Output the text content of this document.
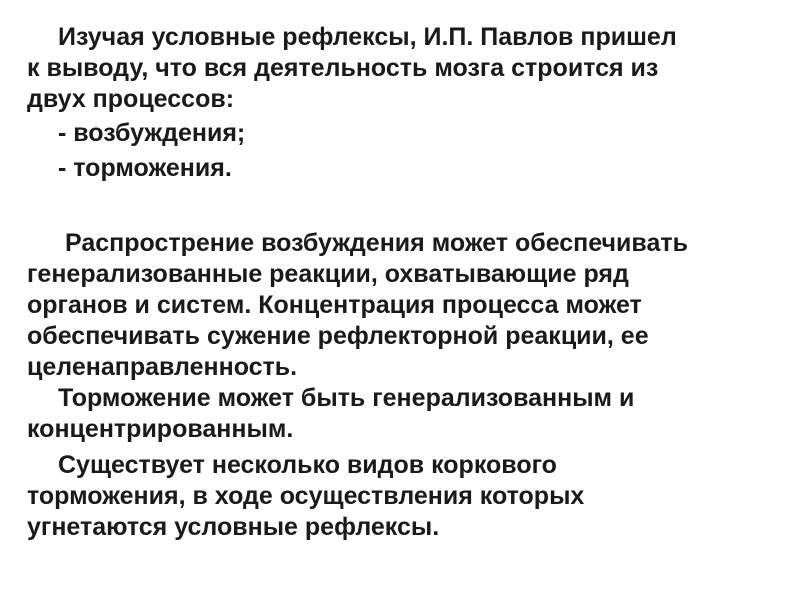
Изучая условные рефлексы, И.П. Павлов пришел
к выводу, что вся деятельность мозга строится из
двух процессов:
- возбуждения;
- торможения.
Распрострение возбуждения может обеспечивать
генерализованные реакции, охватывающие ряд
органов и систем. Концентрация процесса может
обеспечивать сужение рефлекторной реакции, ее
целенаправленность.
Торможение может быть генерализованным и
концентрированным.
Существует несколько видов коркового
торможения, в ходе осуществления которых
угнетаются условные рефлексы.
